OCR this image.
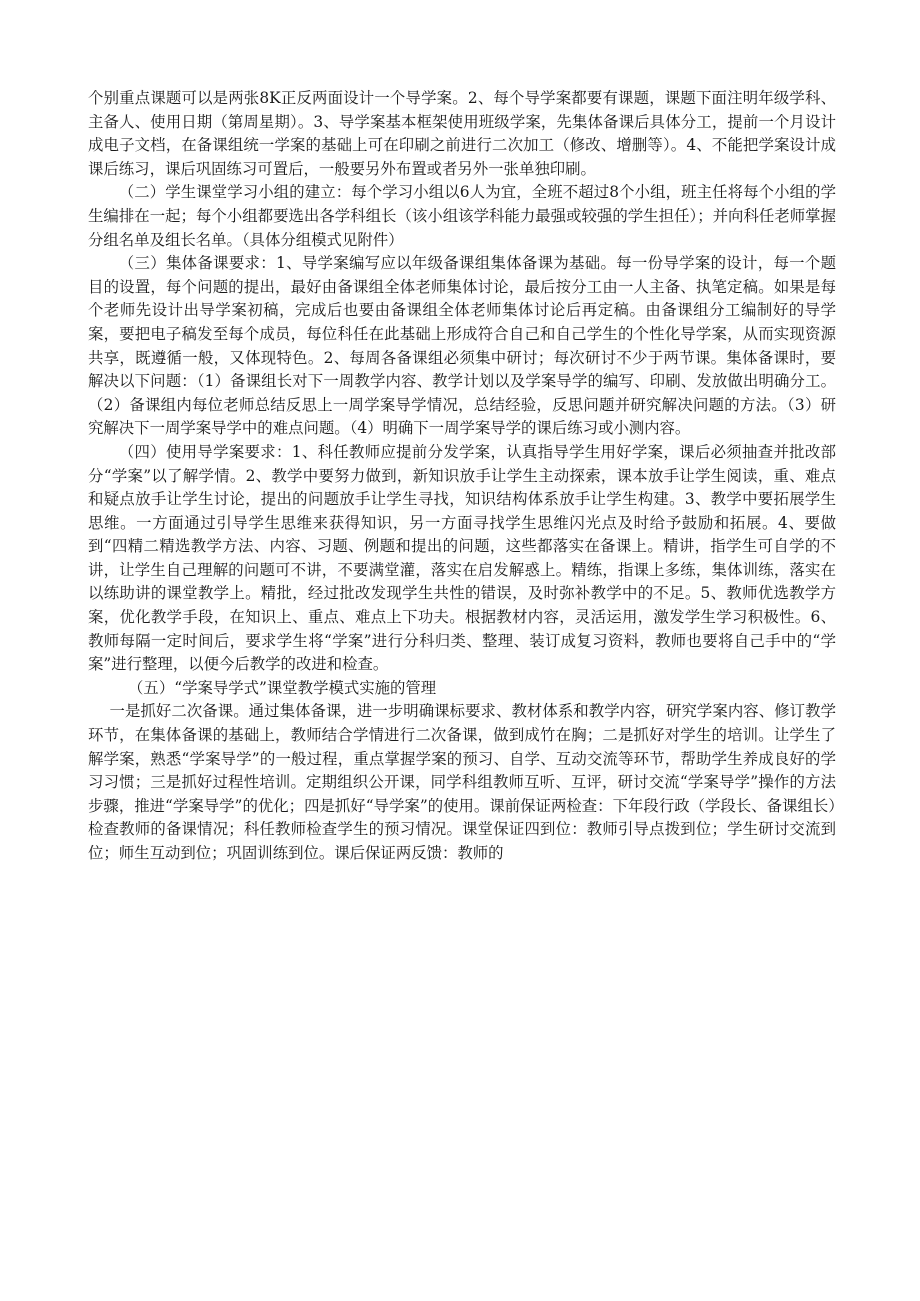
个别重点课题可以是两张8K正反两面设计一个导学案。2、每个导学案都要有课题，课题下面注明年级学科、主备人、使用日期（第周星期）。3、导学案基本框架使用班级学案，先集体备课后具体分工，提前一个月设计成电子文档，在备课组统一学案的基础上可在印刷之前进行二次加工（修改、增删等）。4、不能把学案设计成课后练习，课后巩固练习可置后，一般要另外布置或者另外一张单独印刷。

（二）学生课堂学习小组的建立：每个学习小组以6人为宜，全班不超过8个小组，班主任将每个小组的学生编排在一起；每个小组都要选出各学科组长（该小组该学科能力最强或较强的学生担任）；并向科任老师掌握分组名单及组长名单。（具体分组模式见附件）

（三）集体备课要求：1、导学案编写应以年级备课组集体备课为基础。每一份导学案的设计，每一个题目的设置，每个问题的提出，最好由备课组全体老师集体讨论，最后按分工由一人主备、执笔定稿。如果是每个老师先设计出导学案初稿，完成后也要由备课组全体老师集体讨论后再定稿。由备课组分工编制好的导学案，要把电子稿发至每个成员，每位科任在此基础上形成符合自己和自己学生的个性化导学案，从而实现资源共享，既遵循一般，又体现特色。2、每周各备课组必须集中研讨；每次研讨不少于两节课。集体备课时，要解决以下问题：（1）备课组长对下一周教学内容、教学计划以及学案导学的编写、印刷、发放做出明确分工。（2）备课组内每位老师总结反思上一周学案导学情况，总结经验，反思问题并研究解决问题的方法。（3）研究解决下一周学案导学中的难点问题。（4）明确下一周学案导学的课后练习或小测内容。

（四）使用导学案要求：1、科任教师应提前分发学案，认真指导学生用好学案，课后必须抽查并批改部分“学案”以了解学情。2、教学中要努力做到，新知识放手让学生主动探索，课本放手让学生阅读，重、难点和疑点放手让学生讨论，提出的问题放手让学生寻找，知识结构体系放手让学生构建。3、教学中要拓展学生思维。一方面通过引导学生思维来获得知识，另一方面寻找学生思维闪光点及时给予鼓励和拓展。4、要做到“四精二精选教学方法、内容、习题、例题和提出的问题，这些都落实在备课上。精讲，指学生可自学的不讲，让学生自己理解的问题可不讲，不要满堂灌，落实在启发解惑上。精练，指课上多练，集体训练，落实在以练助讲的课堂教学上。精批，经过批改发现学生共性的错误，及时弥补教学中的不足。5、教师优选教学方案，优化教学手段，在知识上、重点、难点上下功夫。根据教材内容，灵活运用，激发学生学习积极性。6、教师每隔一定时间后，要求学生将“学案”进行分科归类、整理、装订成复习资料，教师也要将自己手中的“学案”进行整理，以便今后教学的改进和检查。

（五）“学案导学式”课堂教学模式实施的管理

一是抓好二次备课。通过集体备课，进一步明确课标要求、教材体系和教学内容，研究学案内容、修订教学环节，在集体备课的基础上，教师结合学情进行二次备课，做到成竹在胸；二是抓好对学生的培训。让学生了解学案，熟悉“学案导学”的一般过程，重点掌握学案的预习、自学、互动交流等环节，帮助学生养成良好的学习习惯；三是抓好过程性培训。定期组织公开课，同学科组教师互听、互评，研讨交流“学案导学”操作的方法步骤，推进“学案导学”的优化；四是抓好“导学案”的使用。课前保证两检查：下年段行政（学段长、备课组长）检查教师的备课情况；科任教师检查学生的预习情况。课堂保证四到位：教师引导点拨到位；学生研讨交流到位；师生互动到位；巩固训练到位。课后保证两反馈：教师的
